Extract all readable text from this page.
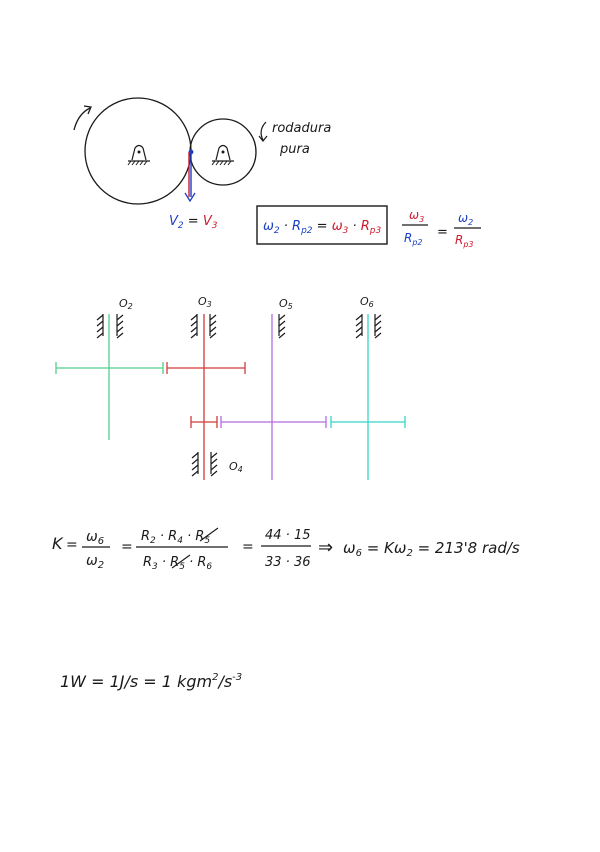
rodadura
pura
$V_2 = V_3$	$\omega_2 \cdot R_{p2} = \omega_3 \cdot R_{p3}$
$\omega_3$
$R_{p2}$
=
$\omega_2$
$R_{p3}$
O2	O3	O5	O6
O4
$K = \omega_6$
$\omega_2$
=
$R_2 \cdot R_4 \cdot R_5$
$R_3 \cdot R_5 \cdot R_6$
=
44 · 15
33 · 36
⇒ $\omega_6 = K\omega_2 = 213'8$ rad/s
1W = 1J/s = 1 $kgm^2/s^{-3}$
